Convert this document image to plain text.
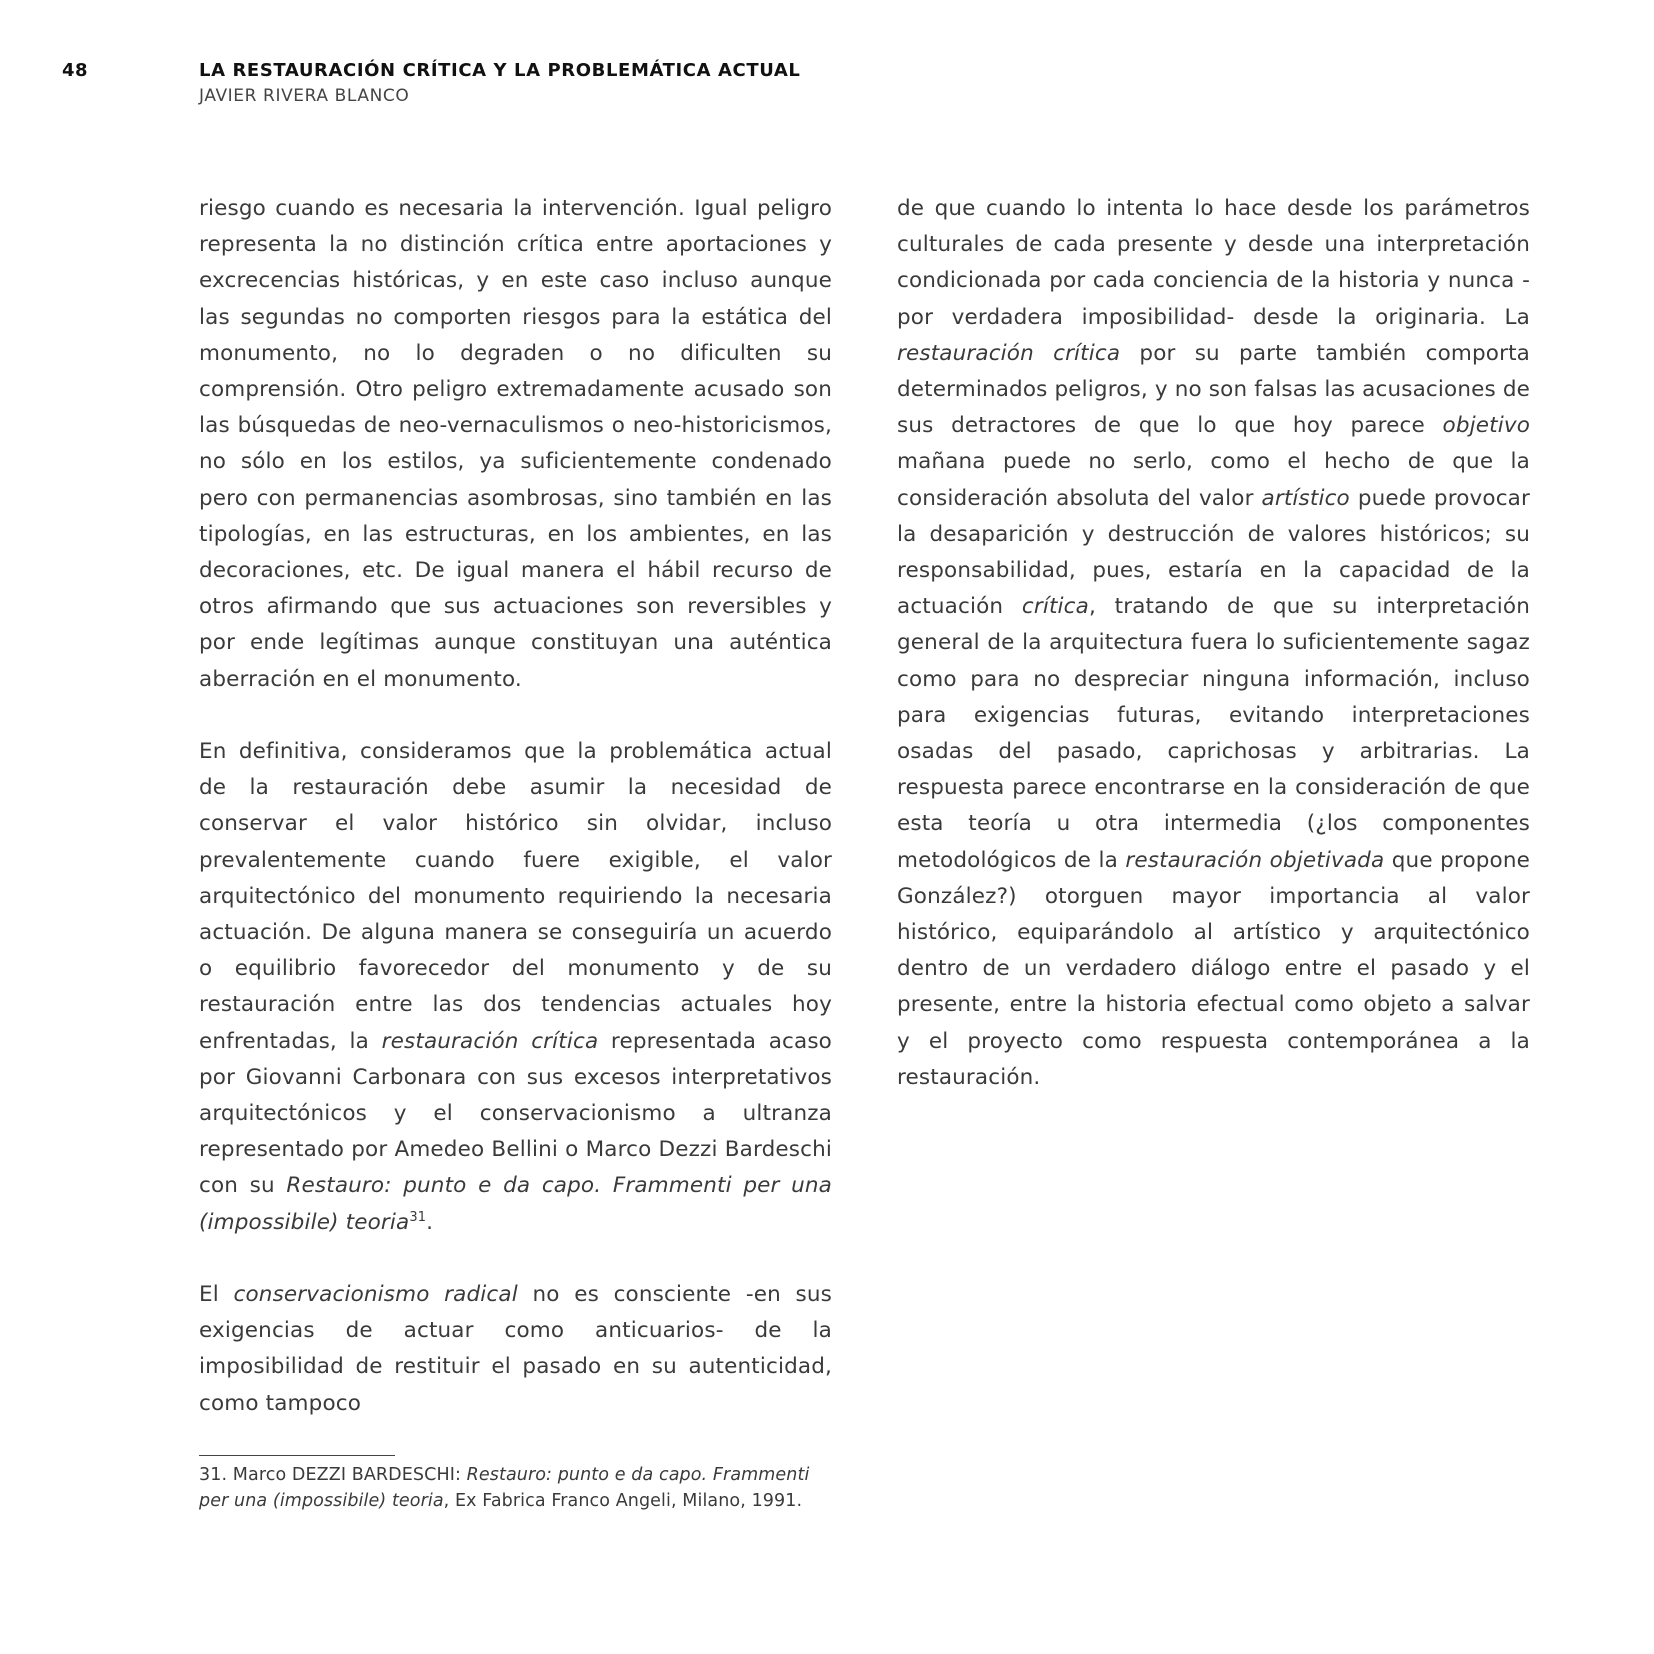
48	LA RESTAURACIÓN CRÍTICA Y LA PROBLEMÁTICA ACTUAL
JAVIER RIVERA BLANCO

riesgo cuando es necesaria la intervención. Igual peligro representa la no distinción crítica entre aportaciones y excrecencias históricas, y en este caso incluso aunque las segundas no comporten riesgos para la estática del monumento, no lo degraden o no dificulten su comprensión. Otro peligro extremadamente acusado son las búsquedas de neo-vernaculismos o neo-historicismos, no sólo en los estilos, ya suficientemente condenado pero con permanencias asombrosas, sino también en las tipologías, en las estructuras, en los ambientes, en las decoraciones, etc. De igual manera el hábil recurso de otros afirmando que sus actuaciones son reversibles y por ende legítimas aunque constituyan una auténtica aberración en el monumento.

En definitiva, consideramos que la problemática actual de la restauración debe asumir la necesidad de conservar el valor histórico sin olvidar, incluso prevalentemente cuando fuere exigible, el valor arquitectónico del monumento requiriendo la necesaria actuación. De alguna manera se conseguiría un acuerdo o equilibrio favorecedor del monumento y de su restauración entre las dos tendencias actuales hoy enfrentadas, la restauración crítica representada acaso por Giovanni Carbonara con sus excesos interpretativos arquitectónicos y el conservacionismo a ultranza representado por Amedeo Bellini o Marco Dezzi Bardeschi con su Restauro: punto e da capo. Frammenti per una (impossibile) teoria$^{31}$.

El conservacionismo radical no es consciente -en sus exigencias de actuar como anticuarios- de la imposibilidad de restituir el pasado en su autenticidad, como tampoco

de que cuando lo intenta lo hace desde los parámetros culturales de cada presente y desde una interpretación condicionada por cada conciencia de la historia y nunca -por verdadera imposibilidad- desde la originaria. La restauración crítica por su parte también comporta determinados peligros, y no son falsas las acusaciones de sus detractores de que lo que hoy parece objetivo mañana puede no serlo, como el hecho de que la consideración absoluta del valor artístico puede provocar la desaparición y destrucción de valores históricos; su responsabilidad, pues, estaría en la capacidad de la actuación crítica, tratando de que su interpretación general de la arquitectura fuera lo suficientemente sagaz como para no despreciar ninguna información, incluso para exigencias futuras, evitando interpretaciones osadas del pasado, caprichosas y arbitrarias. La respuesta parece encontrarse en la consideración de que esta teoría u otra intermedia (¿los componentes metodológicos de la restauración objetivada que propone González?) otorguen mayor importancia al valor histórico, equiparándolo al artístico y arquitectónico dentro de un verdadero diálogo entre el pasado y el presente, entre la historia efectual como objeto a salvar y el proyecto como respuesta contemporánea a la restauración.

31. Marco DEZZI BARDESCHI: Restauro: punto e da capo. Frammenti per una (impossibile) teoria, Ex Fabrica Franco Angeli, Milano, 1991.
